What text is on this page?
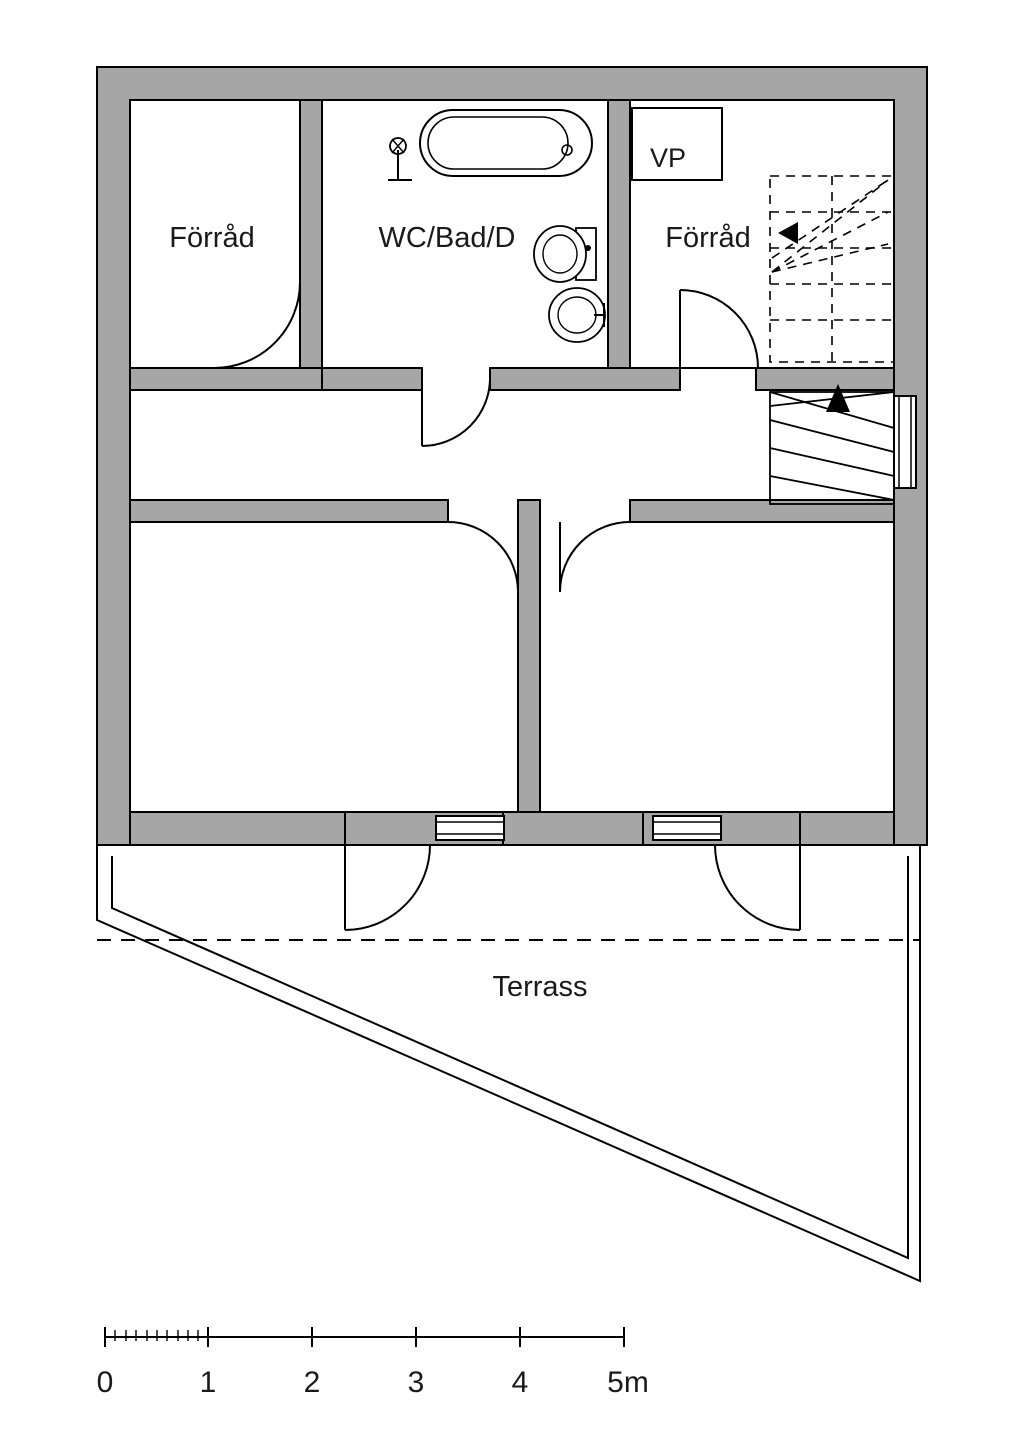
VP
Terrass
Förråd	WC/Bad/D	Förråd
0	1	2	3	4	5m
